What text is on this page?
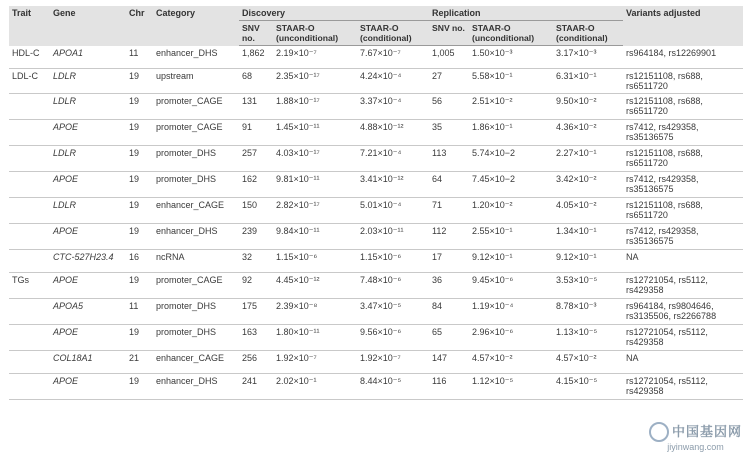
Trait	Gene	Chr	Category	Discovery			Replication			Variants adjusted
				SNV no.	STAAR-O (unconditional)	STAAR-O (conditional)	SNV no.	STAAR-O (unconditional)	STAAR-O (conditional)	
HDL-C	APOA1	11	enhancer_DHS	1,862	2.19×10⁻⁷	7.67×10⁻⁷	1,005	1.50×10⁻³	3.17×10⁻³	rs964184, rs12269901
LDL-C	LDLR	19	upstream	68	2.35×10⁻¹⁷	4.24×10⁻⁴	27	5.58×10⁻¹	6.31×10⁻¹	rs12151108, rs688, rs6511720
	LDLR	19	promoter_CAGE	131	1.88×10⁻¹⁷	3.37×10⁻⁴	56	2.51×10⁻²	9.50×10⁻²	rs12151108, rs688, rs6511720
	APOE	19	promoter_CAGE	91	1.45×10⁻¹¹	4.88×10⁻¹²	35	1.86×10⁻¹	4.36×10⁻²	rs7412, rs429358, rs35136575
	LDLR	19	promoter_DHS	257	4.03×10⁻¹⁷	7.21×10⁻⁴	113	5.74×10−2	2.27×10⁻¹	rs12151108, rs688, rs6511720
	APOE	19	promoter_DHS	162	9.81×10⁻¹¹	3.41×10⁻¹²	64	7.45×10−2	3.42×10⁻²	rs7412, rs429358, rs35136575
	LDLR	19	enhancer_CAGE	150	2.82×10⁻¹⁷	5.01×10⁻⁴	71	1.20×10⁻²	4.05×10⁻²	rs12151108, rs688, rs6511720
	APOE	19	enhancer_DHS	239	9.84×10⁻¹¹	2.03×10⁻¹¹	112	2.55×10⁻¹	1.34×10⁻¹	rs7412, rs429358, rs35136575
	CTC-527H23.4	16	ncRNA	32	1.15×10⁻⁶	1.15×10⁻⁶	17	9.12×10⁻¹	9.12×10⁻¹	NA
TGs	APOE	19	promoter_CAGE	92	4.45×10⁻¹²	7.48×10⁻⁶	36	9.45×10⁻⁶	3.53×10⁻⁵	rs12721054, rs5112, rs429358
	APOA5	11	promoter_DHS	175	2.39×10⁻⁸	3.47×10⁻⁵	84	1.19×10⁻⁴	8.78×10⁻³	rs964184, rs9804646, rs3135506, rs2266788
	APOE	19	promoter_DHS	163	1.80×10⁻¹¹	9.56×10⁻⁶	65	2.96×10⁻⁶	1.13×10⁻⁵	rs12721054, rs5112, rs429358
	COL18A1	21	enhancer_CAGE	256	1.92×10⁻⁷	1.92×10⁻⁷	147	4.57×10⁻²	4.57×10⁻²	NA
	APOE	19	enhancer_DHS	241	2.02×10⁻¹	8.44×10⁻⁵	116	1.12×10⁻⁵	4.15×10⁻⁵	rs12721054, rs5112, rs429358
中国基因网
jiyinwang.com
